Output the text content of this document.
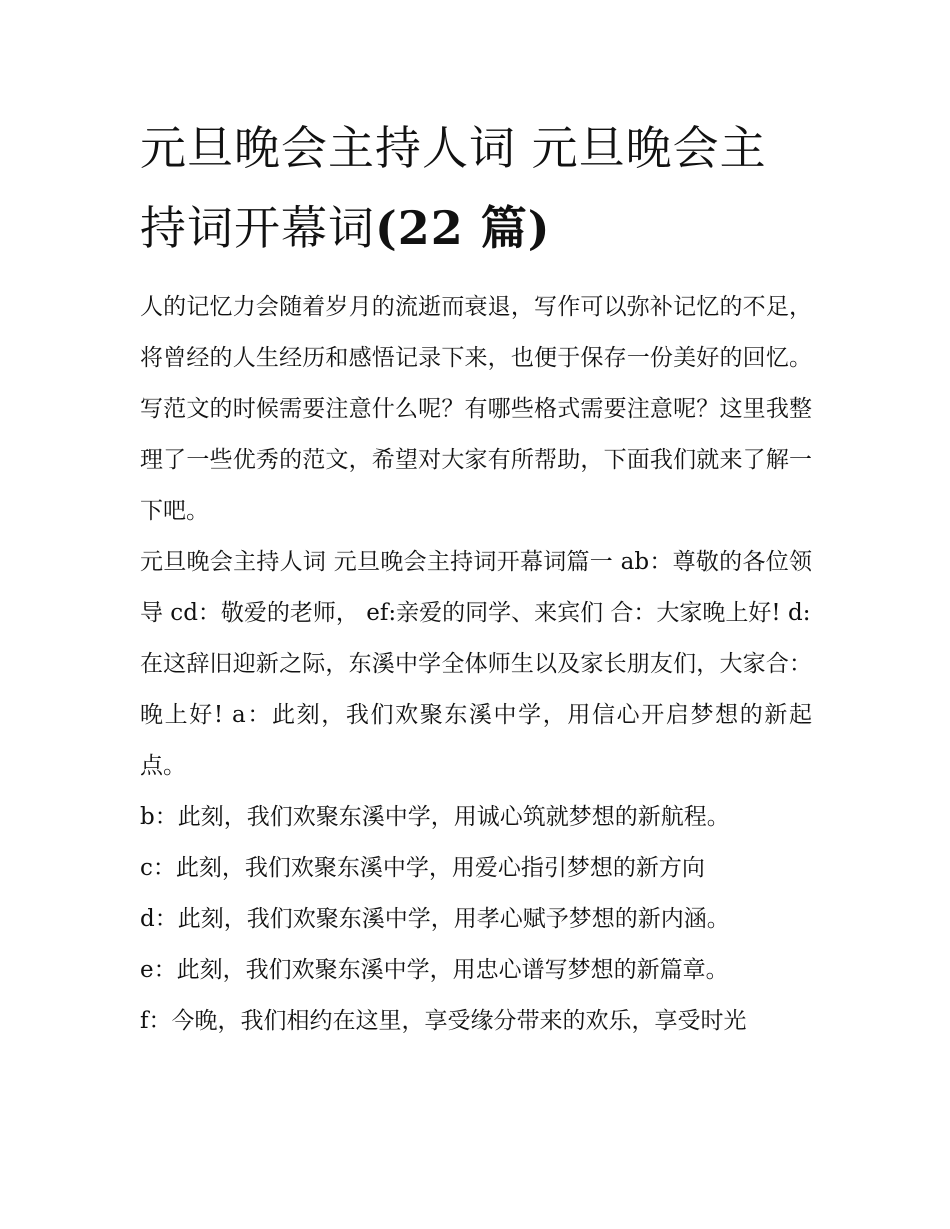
元旦晚会主持人词 元旦晚会主持词开幕词(22 篇)

人的记忆力会随着岁月的流逝而衰退，写作可以弥补记忆的不足，将曾经的人生经历和感悟记录下来，也便于保存一份美好的回忆。写范文的时候需要注意什么呢？有哪些格式需要注意呢？这里我整理了一些优秀的范文，希望对大家有所帮助，下面我们就来了解一下吧。

元旦晚会主持人词 元旦晚会主持词开幕词篇一 ab：尊敬的各位领导 cd：敬爱的老师， ef:亲爱的同学、来宾们 合：大家晚上好! d:

在这辞旧迎新之际，东溪中学全体师生以及家长朋友们，大家合：晚上好! a：此刻，我们欢聚东溪中学，用信心开启梦想的新起点。

b：此刻，我们欢聚东溪中学，用诚心筑就梦想的新航程。

c：此刻，我们欢聚东溪中学，用爱心指引梦想的新方向

d：此刻，我们欢聚东溪中学，用孝心赋予梦想的新内涵。

e：此刻，我们欢聚东溪中学，用忠心谱写梦想的新篇章。

f：今晚，我们相约在这里，享受缘分带来的欢乐，享受时光
